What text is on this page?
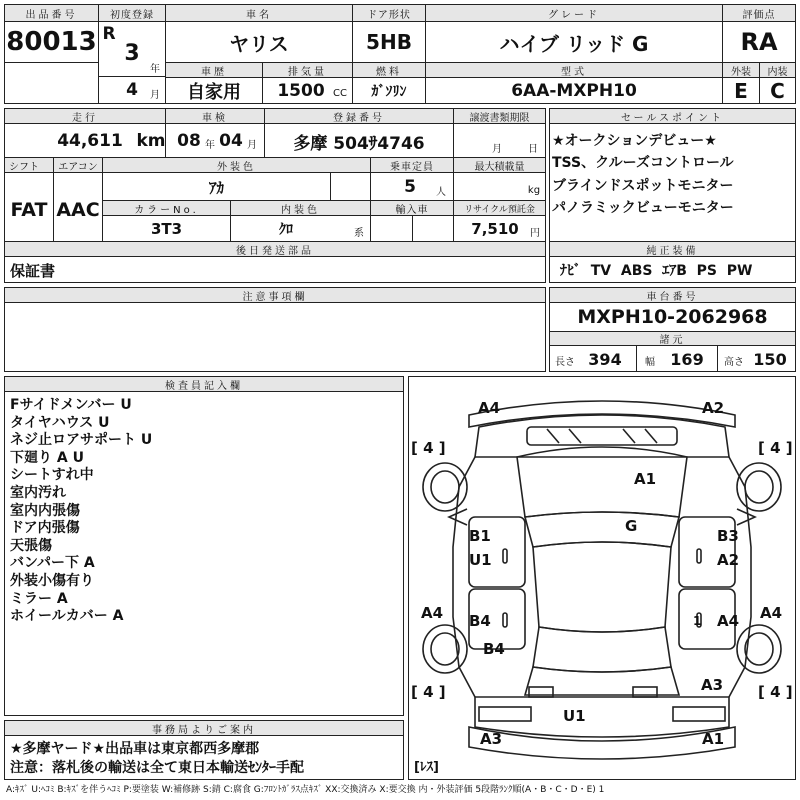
出品番号
80013
初度登録
R
3
年
4	月
車名
ヤリス
ドア形状
5HB
グレード
ハイブ リッド G
評価点
RA
車歴
自家用
排気量
1500 CC
燃料
ｶﾞｿﾘﾝ
型式
6AA-MXPH10
外装	内装
E	C
走行
44,611 km
車検
08 年 04 月
登録番号
多摩 504ｻ4746
譲渡書類期限
月	日
シフト
FAT
エアコン
AAC
外装色
ｱｶ
乗車定員
5	人
最大積載量
kg
カラーNo.
3T3
内装色
ｸﾛ	系
輸入車	リサイクル預託金
7,510	円
セールスポイント
★オークションデビュー★
TSS、クルーズコントロール
ブラインドスポットモニター
パノラミックビューモニター
後日発送部品
保証書
純正装備
ﾅﾋﾞ  TV  ABS  ｴｱB  PS  PW
注意事項欄	車台番号
MXPH10-2062968
諸元
長さ 394	幅 169	高さ 150
検査員記入欄
Fサイドメンバー U
タイヤハウス U
ネジ止ロアサポート U
下廻り A U
シートすれ中
室内汚れ
室内内張傷
ドア内張傷
天張傷
バンパー下 A
外装小傷有り
ミラー A
ホイールカバー A
A4	A2
[ 4 ]	[ 4 ]
A1
G
B1
U1
B3
A2
A4	A4
B4	A4
1
B4
[ 4 ]	A3 [ 4 ]
U1
A3	A1
[ﾚｽ]
事務局よりご案内
★多摩ヤード★出品車は東京都西多摩郡
注意：落札後の輸送は全て東日本輸送ｾﾝﾀｰ手配
A:ｷｽﾞ U:ﾍｺﾐ B:ｷｽﾞを伴うﾍｺﾐ P:要塗装 W:補修跡 S:錆 C:腐食 G:ﾌﾛﾝﾄｶﾞﾗｽ点ｷｽﾞ XX:交換済み X:要交換 内・外装評価 5段階ﾗﾝｸ順(A・B・C・D・E) 1
